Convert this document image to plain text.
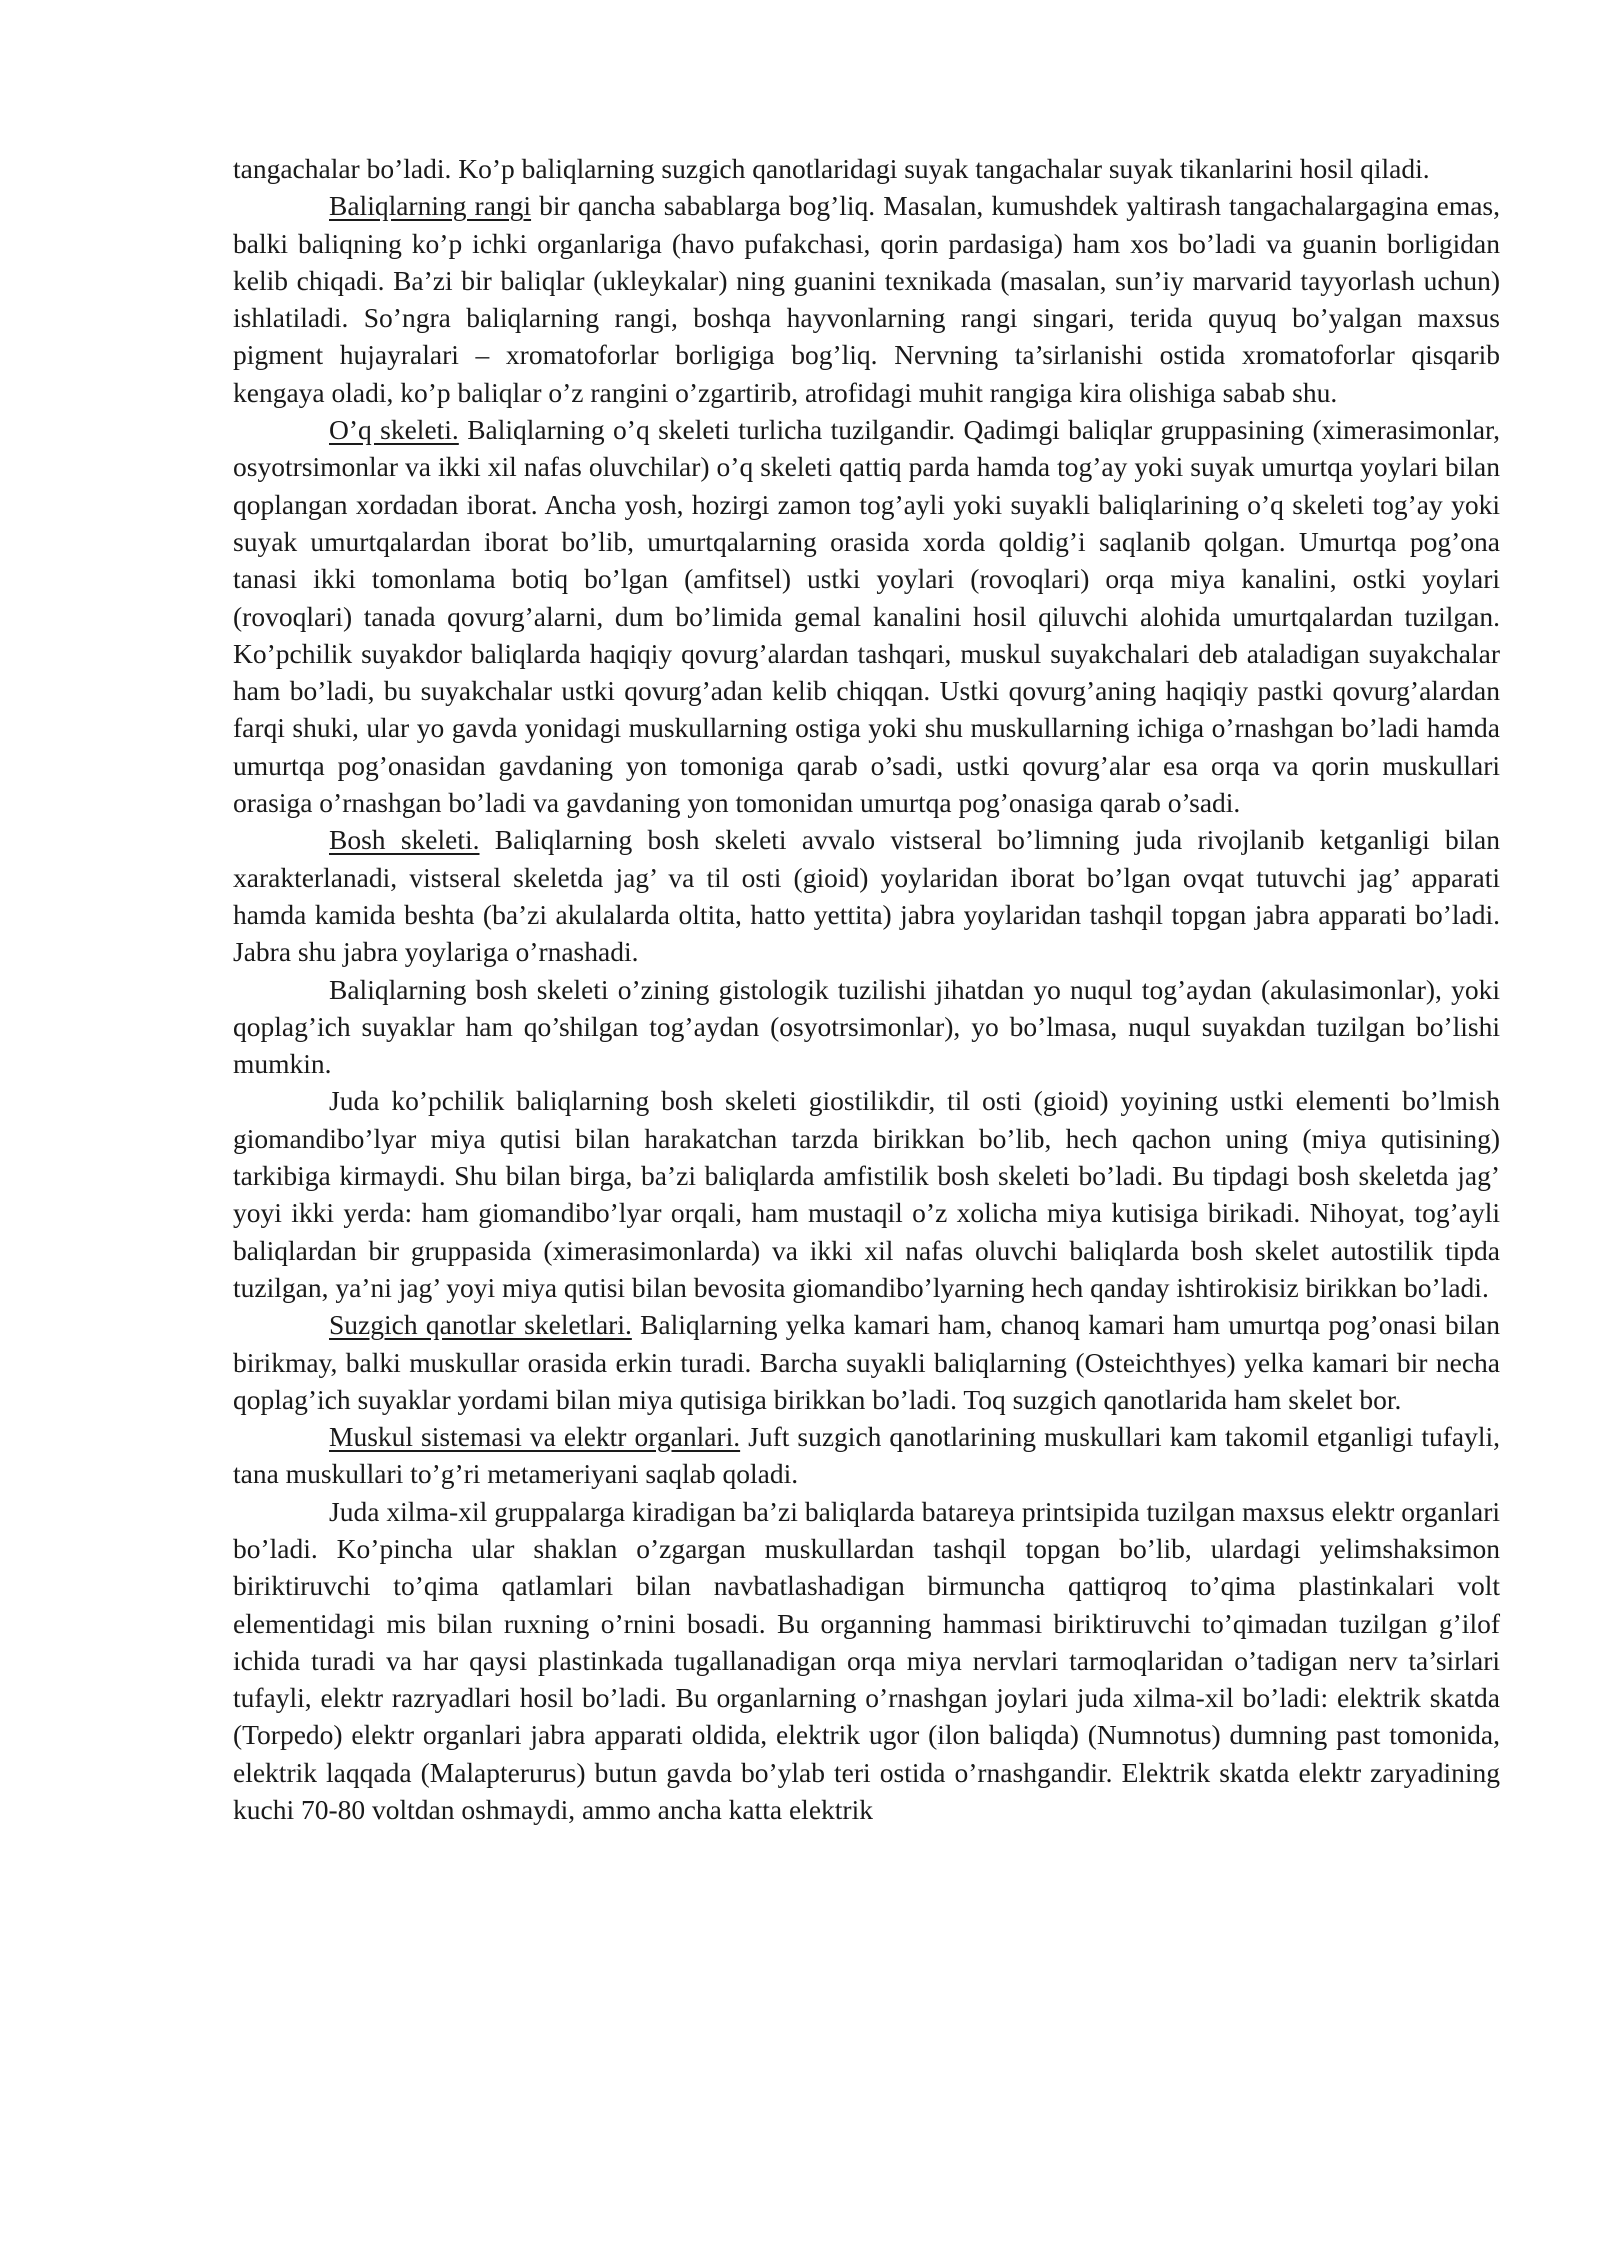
tangachalar bo’ladi. Ko’p baliqlarning suzgich qanotlaridagi suyak tangachalar suyak tikanlarini hosil qiladi.

Baliqlarning rangi bir qancha sabablarga bog’liq. Masalan, kumushdek yaltirash tangachalargagina emas, balki baliqning ko’p ichki organlariga (havo pufakchasi, qorin pardasiga) ham xos bo’ladi va guanin borligidan kelib chiqadi. Ba’zi bir baliqlar (ukleykalar) ning guanini texnikada (masalan, sun’iy marvarid tayyorlash uchun) ishlatiladi. So’ngra baliqlarning rangi, boshqa hayvonlarning rangi singari, terida quyuq bo’yalgan maxsus pigment hujayralari – xromatoforlar borligiga bog’liq. Nervning ta’sirlanishi ostida xromatoforlar qisqarib kengaya oladi, ko’p baliqlar o’z rangini o’zgartirib, atrofidagi muhit rangiga kira olishiga sabab shu.

O’q skeleti. Baliqlarning o’q skeleti turlicha tuzilgandir. Qadimgi baliqlar gruppasining (ximerasimonlar, osyotrsimonlar va ikki xil nafas oluvchilar) o’q skeleti qattiq parda hamda tog’ay yoki suyak umurtqa yoylari bilan qoplangan xordadan iborat. Ancha yosh, hozirgi zamon tog’ayli yoki suyakli baliqlarining o’q skeleti tog’ay yoki suyak umurtqalardan iborat bo’lib, umurtqalarning orasida xorda qoldig’i saqlanib qolgan. Umurtqa pog’ona tanasi ikki tomonlama botiq bo’lgan (amfitsel) ustki yoylari (rovoqlari) orqa miya kanalini, ostki yoylari (rovoqlari) tanada qovurg’alarni, dum bo’limida gemal kanalini hosil qiluvchi alohida umurtqalardan tuzilgan. Ko’pchilik suyakdor baliqlarda haqiqiy qovurg’alardan tashqari, muskul suyakchalari deb ataladigan suyakchalar ham bo’ladi, bu suyakchalar ustki qovurg’adan kelib chiqqan. Ustki qovurg’aning haqiqiy pastki qovurg’alardan farqi shuki, ular yo gavda yonidagi muskullarning ostiga yoki shu muskullarning ichiga o’rnashgan bo’ladi hamda umurtqa pog’onasidan gavdaning yon tomoniga qarab o’sadi, ustki qovurg’alar esa orqa va qorin muskullari orasiga o’rnashgan bo’ladi va gavdaning yon tomonidan umurtqa pog’onasiga qarab o’sadi.

Bosh skeleti. Baliqlarning bosh skeleti avvalo vistseral bo’limning juda rivojlanib ketganligi bilan xarakterlanadi, vistseral skeletda jag’ va til osti (gioid) yoylaridan iborat bo’lgan ovqat tutuvchi jag’ apparati hamda kamida beshta (ba’zi akulalarda oltita, hatto yettita) jabra yoylaridan tashqil topgan jabra apparati bo’ladi. Jabra shu jabra yoylariga o’rnashadi.

Baliqlarning bosh skeleti o’zining gistologik tuzilishi jihatdan yo nuqul tog’aydan (akulasimonlar), yoki qoplag’ich suyaklar ham qo’shilgan tog’aydan (osyotrsimonlar), yo bo’lmasa, nuqul suyakdan tuzilgan bo’lishi mumkin.

Juda ko’pchilik baliqlarning bosh skeleti giostilikdir, til osti (gioid) yoyining ustki elementi bo’lmish giomandibo’lyar miya qutisi bilan harakatchan tarzda birikkan bo’lib, hech qachon uning (miya qutisining) tarkibiga kirmaydi. Shu bilan birga, ba’zi baliqlarda amfistilik bosh skeleti bo’ladi. Bu tipdagi bosh skeletda jag’ yoyi ikki yerda: ham giomandibo’lyar orqali, ham mustaqil o’z xolicha miya kutisiga birikadi. Nihoyat, tog’ayli baliqlardan bir gruppasida (ximerasimonlarda) va ikki xil nafas oluvchi baliqlarda bosh skelet autostilik tipda tuzilgan, ya’ni jag’ yoyi miya qutisi bilan bevosita giomandibo’lyarning hech qanday ishtirokisiz birikkan bo’ladi.

Suzgich qanotlar skeletlari. Baliqlarning yelka kamari ham, chanoq kamari ham umurtqa pog’onasi bilan birikmay, balki muskullar orasida erkin turadi. Barcha suyakli baliqlarning (Osteichthyes) yelka kamari bir necha qoplag’ich suyaklar yordami bilan miya qutisiga birikkan bo’ladi. Toq suzgich qanotlarida ham skelet bor.

Muskul sistemasi va elektr organlari. Juft suzgich qanotlarining muskullari kam takomil etganligi tufayli, tana muskullari to’g’ri metameriyani saqlab qoladi.

Juda xilma-xil gruppalarga kiradigan ba’zi baliqlarda batareya printsipida tuzilgan maxsus elektr organlari bo’ladi. Ko’pincha ular shaklan o’zgargan muskullardan tashqil topgan bo’lib, ulardagi yelimshaksimon biriktiruvchi to’qima qatlamlari bilan navbatlashadigan birmuncha qattiqroq to’qima plastinkalari volt elementidagi mis bilan ruxning o’rnini bosadi. Bu organning hammasi biriktiruvchi to’qimadan tuzilgan g’ilof ichida turadi va har qaysi plastinkada tugallanadigan orqa miya nervlari tarmoqlaridan o’tadigan nerv ta’sirlari tufayli, elektr razryadlari hosil bo’ladi. Bu organlarning o’rnashgan joylari juda xilma-xil bo’ladi: elektrik skatda (Torpedo) elektr organlari jabra apparati oldida, elektrik ugor (ilon baliqda) (Numnotus) dumning past tomonida, elektrik laqqada (Malapterurus) butun gavda bo’ylab teri ostida o’rnashgandir. Elektrik skatda elektr zaryadining kuchi 70-80 voltdan oshmaydi, ammo ancha katta elektrik
